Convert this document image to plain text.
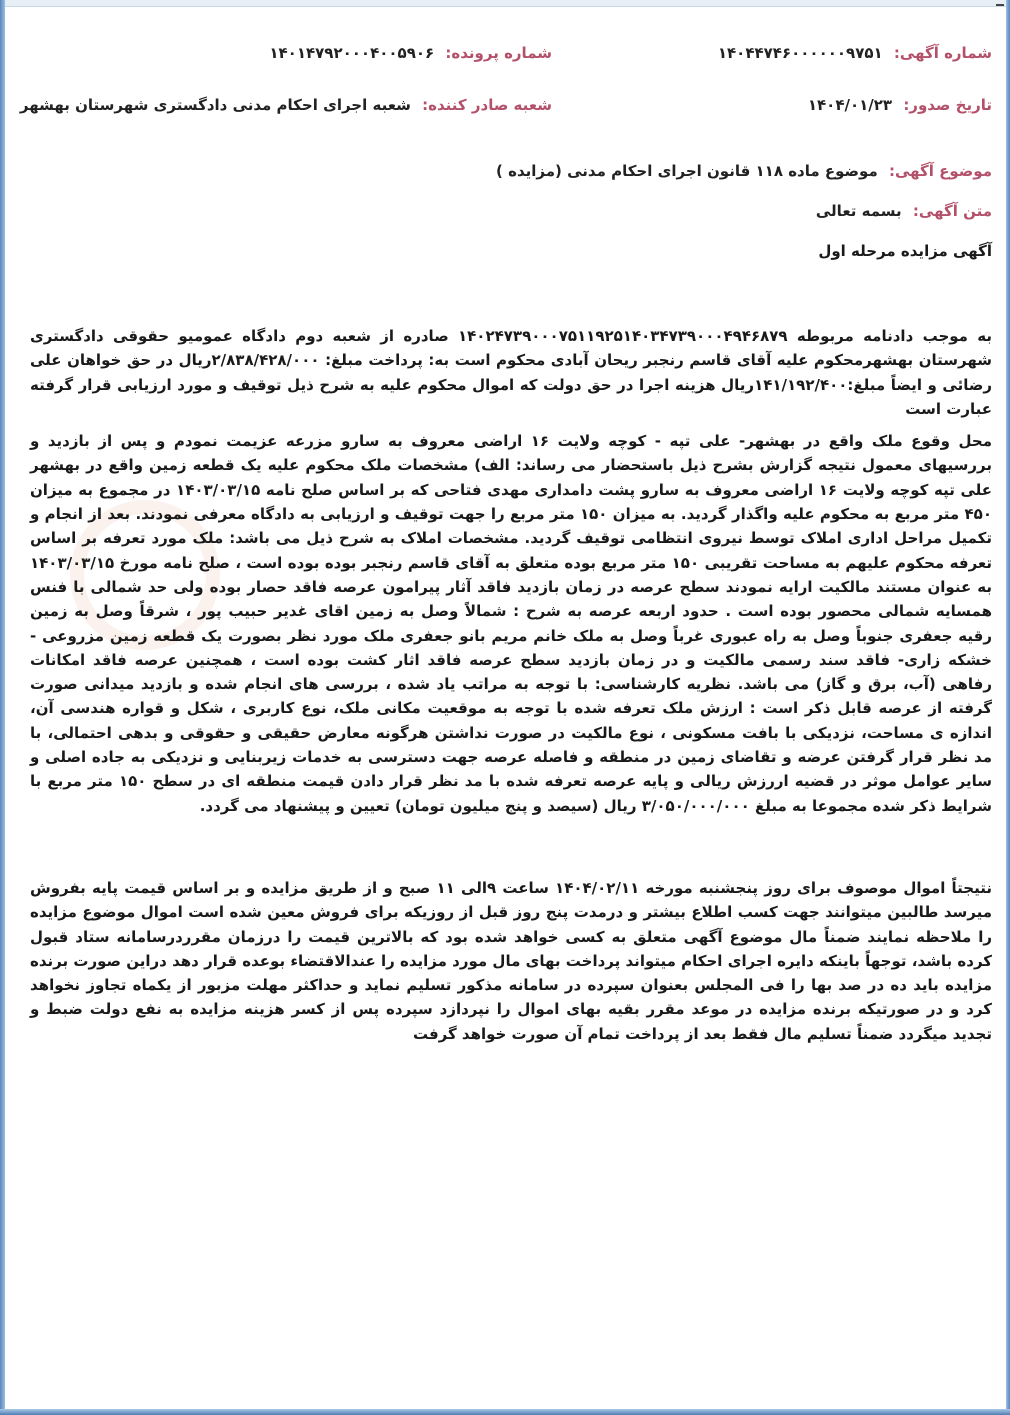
شماره آگهی: ۱۴۰۴۴۷۴۶۰۰۰۰۰۰۹۷۵۱
شماره پرونده: ۱۴۰۱۴۷۹۲۰۰۰۴۰۰۵۹۰۶
تاریخ صدور: ۱۴۰۴/۰۱/۲۳
شعبه صادر کننده: شعبه اجرای احکام مدنی دادگستری شهرستان بهشهر
موضوع آگهی: موضوع ماده ۱۱۸ قانون اجرای احکام مدنی (مزایده )
متن آگهی: بسمه تعالی
آگهی مزایده مرحله اول

به موجب دادنامه مربوطه ۱۴۰۲۴۷۳۹۰۰۰۷۵۱۱۹۲۵۱۴۰۳۴۷۳۹۰۰۰۴۹۴۶۸۷۹ صادره از شعبه دوم دادگاه عمومیو حقوقی دادگستری شهرستان بهشهرمحکوم علیه آقای قاسم رنجبر ریحان آبادی محکوم است به: پرداخت مبلغ: ۲/۸۳۸/۴۲۸/۰۰۰ریال در حق خواهان علی رضائی و ایضاً مبلغ:۱۴۱/۱۹۲/۴۰۰ریال هزینه اجرا در حق دولت که اموال محکوم علیه به شرح ذیل توقیف و مورد ارزیابی قرار گرفته عبارت است

محل وقوع ملک واقع در بهشهر- علی تپه - کوچه ولایت ۱۶ اراضی معروف به سارو مزرعه عزیمت نمودم و پس از بازدید و بررسیهای معمول نتیجه گزارش بشرح ذیل باستحضار می رساند: الف) مشخصات ملک محکوم علیه یک قطعه زمین واقع در بهشهر علی تپه کوچه ولایت ۱۶ اراضی معروف به سارو پشت دامداری مهدی فتاحی که بر اساس صلح نامه ۱۴۰۳/۰۳/۱۵ در مجموع به میزان ۴۵۰ متر مربع به محکوم علیه واگذار گردید. به میزان ۱۵۰ متر مربع را جهت توقیف و ارزیابی به دادگاه معرفی نمودند. بعد از انجام و تکمیل مراحل اداری املاک توسط نیروی انتظامی توقیف گردید. مشخصات املاک به شرح ذیل می باشد: ملک مورد تعرفه بر اساس تعرفه محکوم علیهم به مساحت تقریبی ۱۵۰ متر مربع بوده متعلق به آقای قاسم رنجبر بوده بوده است ، صلح نامه مورخ ۱۴۰۳/۰۳/۱۵ به عنوان مستند مالکیت ارایه نمودند سطح عرصه در زمان بازدید فاقد آثار پیرامون عرصه فاقد حصار بوده ولی حد شمالی با فنس همسایه شمالی محصور بوده است . حدود اربعه عرصه به شرح : شمالاً وصل به زمین اقای غدیر حبیب پور ، شرقاً وصل به زمین رقیه جعفری جنوباً وصل به راه عبوری غرباً وصل به ملک خانم مریم بانو جعفری ملک مورد نظر بصورت یک قطعه زمین مزروعی - خشکه زاری- فاقد سند رسمی مالکیت و در زمان بازدید سطح عرصه فاقد اثار کشت بوده است ، همچنین عرصه فاقد امکانات رفاهی (آب، برق و گاز) می باشد. نظریه کارشناسی: با توجه به مراتب یاد شده ، بررسی های انجام شده و بازدید میدانی صورت گرفته از عرصه قابل ذکر است : ارزش ملک تعرفه شده با توجه به موقعیت مکانی ملک، نوع کاربری ، شکل و قواره هندسی آن، اندازه ی مساحت، نزدیکی با بافت مسکونی ، نوع مالکیت در صورت نداشتن هرگونه معارض حقیقی و حقوقی و بدهی احتمالی، با مد نظر قرار گرفتن عرضه و تقاضای زمین در منطقه و فاصله عرصه جهت دسترسی به خدمات زیربنایی و نزدیکی به جاده اصلی و سایر عوامل موثر در قضیه اررزش ریالی و پایه عرصه تعرفه شده با مد نظر قرار دادن قیمت منطقه ای در سطح ۱۵۰ متر مربع با شرایط ذکر شده مجموعا به مبلغ ۳/۰۵۰/۰۰۰/۰۰۰ ریال (سیصد و پنج میلیون تومان) تعیین و پیشنهاد می گردد.

نتیجتاً اموال موصوف برای روز پنجشنبه مورخه ۱۴۰۴/۰۲/۱۱ ساعت ۹الی ۱۱ صبح و از طریق مزایده و بر اساس قیمت پایه بفروش میرسد طالبین میتوانند جهت کسب اطلاع بیشتر و درمدت پنج روز قبل از روزیکه برای فروش معین شده است اموال موضوع مزایده را ملاحظه نمایند ضمناً مال موضوع آگهی متعلق به کسی خواهد شده بود که بالاترین قیمت را درزمان مقرردرسامانه ستاد قبول کرده باشد، توجهاً باینکه دایره اجرای احکام میتواند پرداخت بهای مال مورد مزایده را عندالاقتضاء بوعده قرار دهد دراین صورت برنده مزایده باید ده در صد بها را فی المجلس بعنوان سپرده در سامانه مذکور تسلیم نماید و حداکثر مهلت مزبور از یکماه تجاوز نخواهد کرد و در صورتیکه برنده مزایده در موعد مقرر بقیه بهای اموال را نپردازد سپرده پس از کسر هزینه مزایده به نفع دولت ضبط و تجدید میگردد ضمناً تسلیم مال فقط بعد از پرداخت تمام آن صورت خواهد گرفت
